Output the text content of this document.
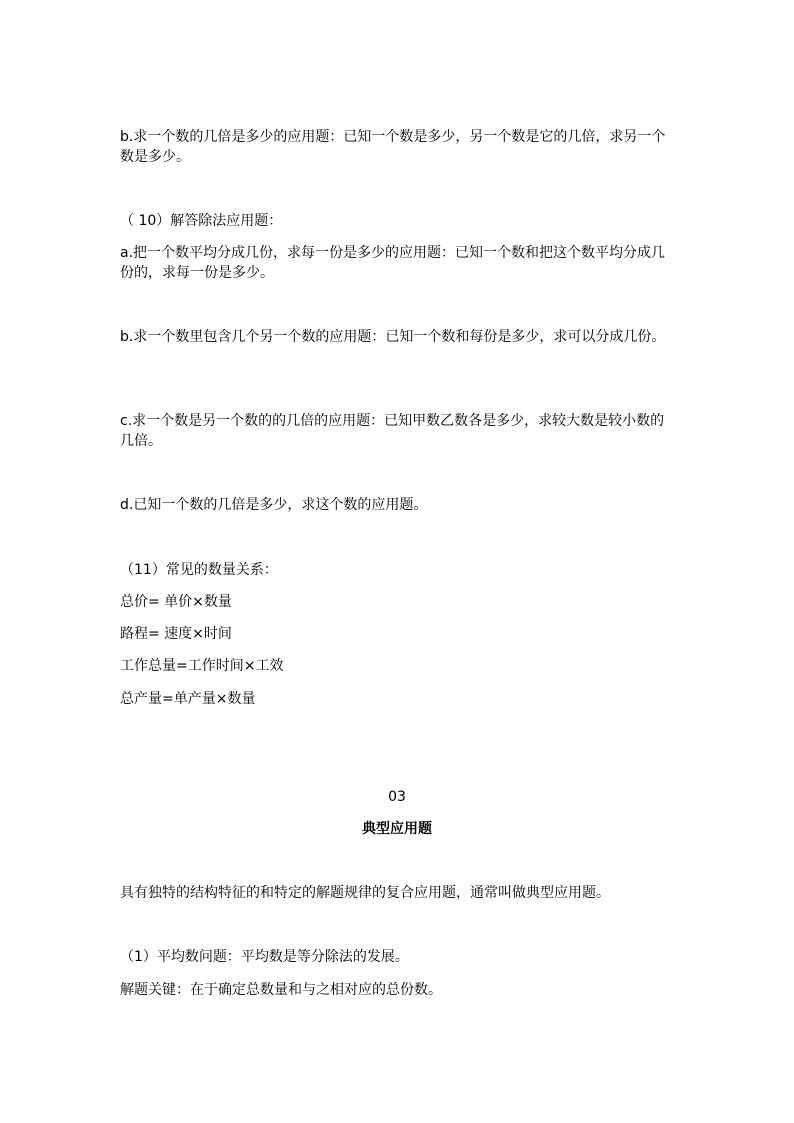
b.求一个数的几倍是多少的应用题：已知一个数是多少，另一个数是它的几倍，求另一个数是多少。

（ 10）解答除法应用题：

a.把一个数平均分成几份，求每一份是多少的应用题：已知一个数和把这个数平均分成几份的，求每一份是多少。

b.求一个数里包含几个另一个数的应用题：已知一个数和每份是多少，求可以分成几份。

c.求一个数是另一个数的的几倍的应用题：已知甲数乙数各是多少，求较大数是较小数的几倍。

d.已知一个数的几倍是多少，求这个数的应用题。

（11）常见的数量关系：

总价= 单价×数量

路程= 速度×时间

工作总量=工作时间×工效

总产量=单产量×数量

03

典型应用题

具有独特的结构特征的和特定的解题规律的复合应用题，通常叫做典型应用题。

（1）平均数问题：平均数是等分除法的发展。

解题关键：在于确定总数量和与之相对应的总份数。
